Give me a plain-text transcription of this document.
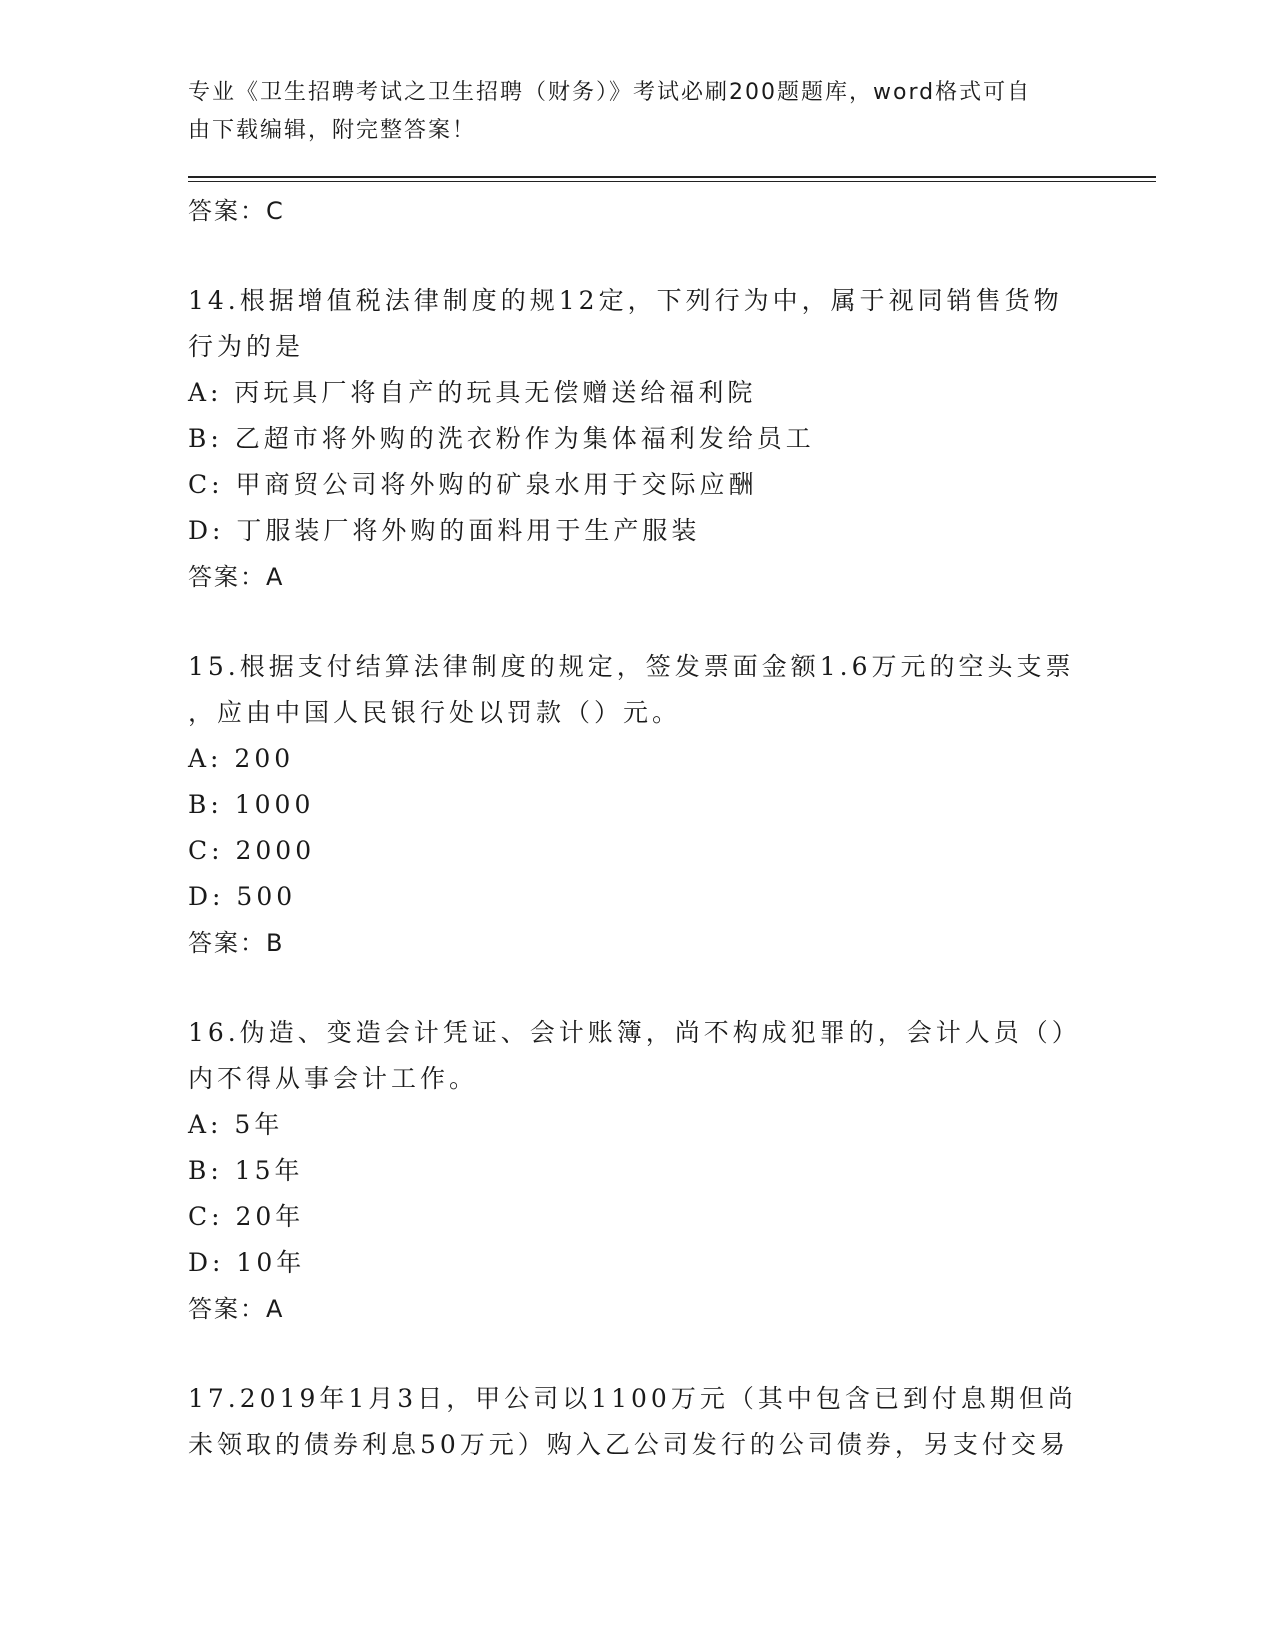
专业《卫生招聘考试之卫生招聘（财务）》考试必刷200题题库，word格式可自
由下载编辑，附完整答案！
答案：C
14.根据增值税法律制度的规12定，下列行为中，属于视同销售货物
行为的是
A: 丙玩具厂将自产的玩具无偿赠送给福利院
B: 乙超市将外购的洗衣粉作为集体福利发给员工
C: 甲商贸公司将外购的矿泉水用于交际应酬
D: 丁服装厂将外购的面料用于生产服装
答案：A
15.根据支付结算法律制度的规定，签发票面金额1.6万元的空头支票
，应由中国人民银行处以罚款（）元。
A: 200
B: 1000
C: 2000
D: 500
答案：B
16.伪造、变造会计凭证、会计账簿，尚不构成犯罪的，会计人员（）
内不得从事会计工作。
A: 5年
B: 15年
C: 20年
D: 10年
答案：A
17.2019年1月3日，甲公司以1100万元（其中包含已到付息期但尚
未领取的债券利息50万元）购入乙公司发行的公司债券，另支付交易
